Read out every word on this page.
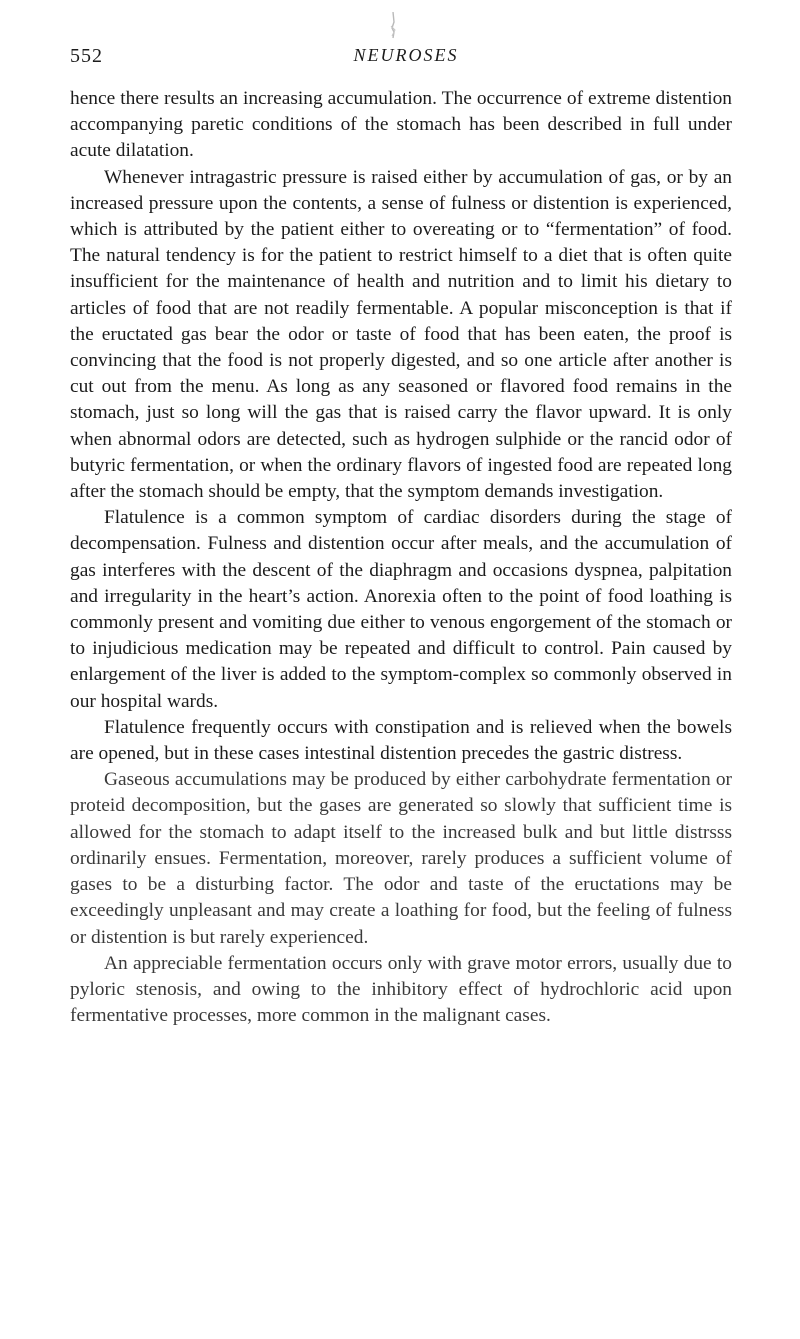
552	NEUROSES

hence there results an increasing accumulation. The occurrence of extreme distention accompanying paretic conditions of the stomach has been described in full under acute dilatation.

Whenever intragastric pressure is raised either by accumulation of gas, or by an increased pressure upon the contents, a sense of fulness or distention is experienced, which is attributed by the patient either to overeating or to “fermentation” of food. The natural tendency is for the patient to restrict himself to a diet that is often quite insufficient for the maintenance of health and nutrition and to limit his dietary to articles of food that are not readily fermentable. A popular misconception is that if the eructated gas bear the odor or taste of food that has been eaten, the proof is convincing that the food is not properly digested, and so one article after another is cut out from the menu. As long as any seasoned or flavored food remains in the stomach, just so long will the gas that is raised carry the flavor upward. It is only when abnormal odors are detected, such as hydrogen sulphide or the rancid odor of butyric fermentation, or when the ordinary flavors of ingested food are repeated long after the stomach should be empty, that the symptom demands investigation.

Flatulence is a common symptom of cardiac disorders during the stage of decompensation. Fulness and distention occur after meals, and the accumulation of gas interferes with the descent of the diaphragm and occasions dyspnea, palpitation and irregularity in the heart’s action. Anorexia often to the point of food loathing is commonly present and vomiting due either to venous engorgement of the stomach or to injudicious medication may be repeated and difficult to control. Pain caused by enlargement of the liver is added to the symptom-complex so commonly observed in our hospital wards.

Flatulence frequently occurs with constipation and is relieved when the bowels are opened, but in these cases intestinal distention precedes the gastric distress.

Gaseous accumulations may be produced by either carbohydrate fermentation or proteid decomposition, but the gases are generated so slowly that sufficient time is allowed for the stomach to adapt itself to the increased bulk and but little distrsss ordinarily ensues. Fermentation, moreover, rarely produces a sufficient volume of gases to be a disturbing factor. The odor and taste of the eructations may be exceedingly unpleasant and may create a loathing for food, but the feeling of fulness or distention is but rarely experienced.

An appreciable fermentation occurs only with grave motor errors, usually due to pyloric stenosis, and owing to the inhibitory effect of hydrochloric acid upon fermentative processes, more common in the malignant cases.
